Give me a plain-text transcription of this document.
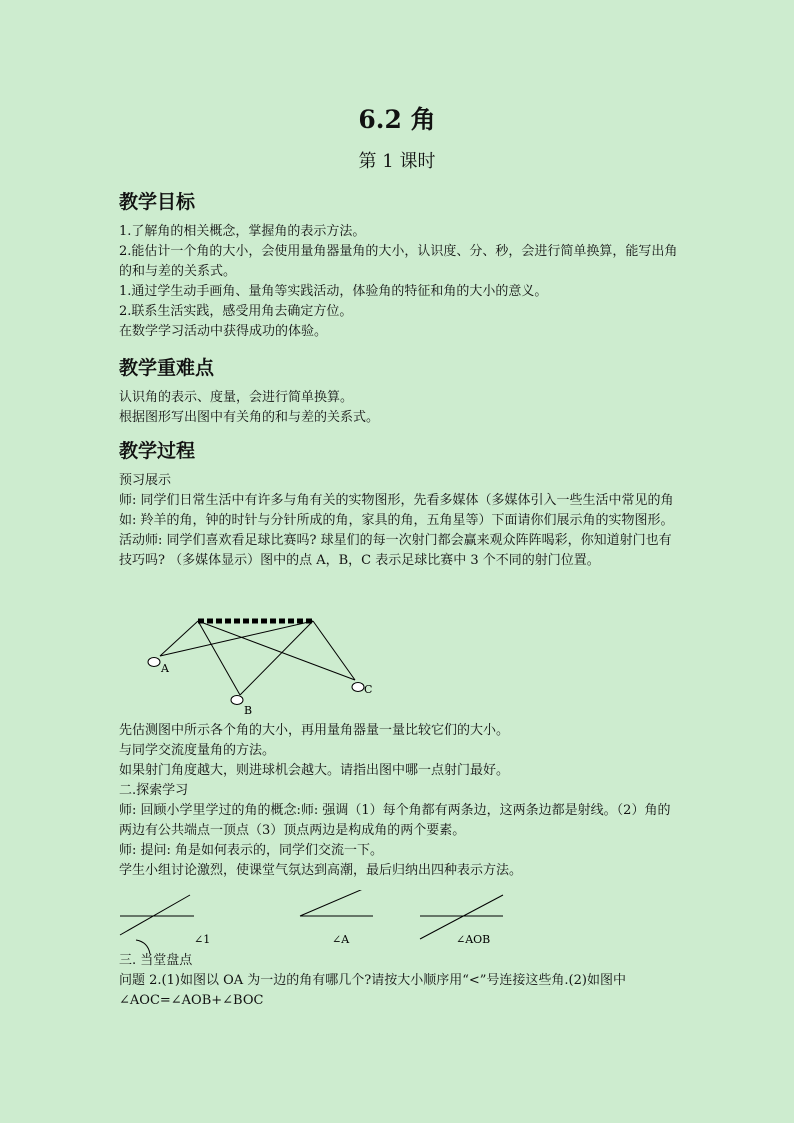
6.2 角
第 1 课时
教学目标

1.了解角的相关概念，掌握角的表示方法。

2.能估计一个角的大小，会使用量角器量角的大小，认识度、分、秒，会进行简单换算，能写出角的和与差的关系式。

1.通过学生动手画角、量角等实践活动，体验角的特征和角的大小的意义。

2.联系生活实践，感受用角去确定方位。

在数学学习活动中获得成功的体验。

教学重难点

认识角的表示、度量，会进行简单换算。

根据图形写出图中有关角的和与差的关系式。

教学过程

预习展示

师: 同学们日常生活中有许多与角有关的实物图形，先看多媒体（多媒体引入一些生活中常见的角如: 羚羊的角，钟的时针与分针所成的角，家具的角，五角星等）下面请你们展示角的实物图形。活动师: 同学们喜欢看足球比赛吗? 球星们的每一次射门都会赢来观众阵阵喝彩，你知道射门也有技巧吗? （多媒体显示）图中的点 A，B，C 表示足球比赛中 3 个不同的射门位置。

A
B
C

先估测图中所示各个角的大小，再用量角器量一量比较它们的大小。

与同学交流度量角的方法。

如果射门角度越大，则进球机会越大。请指出图中哪一点射门最好。

二.探索学习

师: 回顾小学里学过的角的概念:师: 强调（1）每个角都有两条边，这两条边都是射线。（2）角的两边有公共端点一顶点（3）顶点两边是构成角的两个要素。

师: 提问: 角是如何表示的，同学们交流一下。

学生小组讨论激烈，使课堂气氛达到高潮，最后归纳出四种表示方法。

∠1	∠A	∠AOB

三. 当堂盘点

问题 2.(1)如图以 OA 为一边的角有哪几个?请按大小顺序用“<”号连接这些角.(2)如图中∠AOC=∠AOB+∠BOC
